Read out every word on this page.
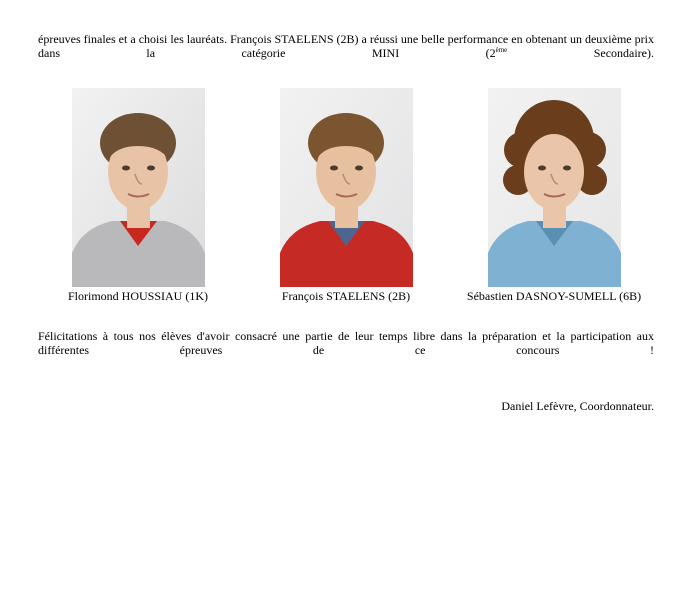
épreuves finales et a choisi les lauréats. François STAELENS (2B) a réussi une belle performance en obtenant un deuxième prix dans la catégorie MINI (2ème Secondaire).

Florimond HOUSSIAU (1K)	François STAELENS (2B)	Sébastien DASNOY-SUMELL (6B)

Félicitations à tous nos élèves d'avoir consacré une partie de leur temps libre dans la préparation et la participation aux différentes épreuves de ce concours !

Daniel Lefèvre, Coordonnateur.
